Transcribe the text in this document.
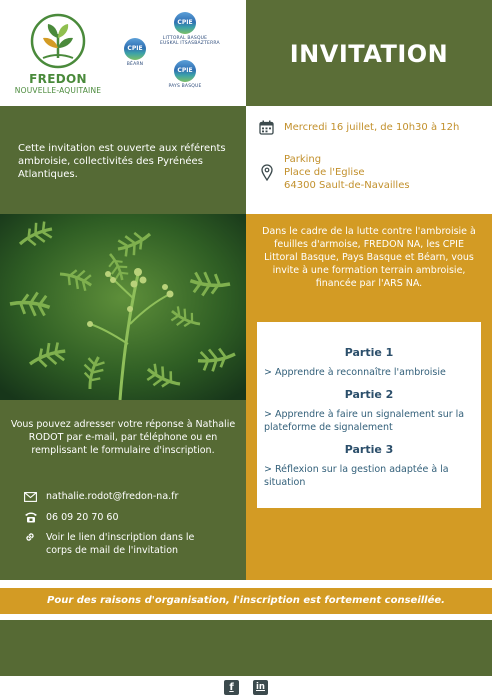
FREDON
NOUVELLE-AQUITAINE
CPIE
BÉARN
CPIE
LITTORAL BASQUE
EUSKAL ITSASBAZTERRA
CPIE
PAYS BASQUE
INVITATION

Cette invitation est ouverte aux référents ambroisie, collectivités des Pyrénées Atlantiques.

Mercredi 16 juillet, de 10h30 à 12h
Parking
Place de l'Eglise
64300 Sault-de-Navailles

Dans le cadre de la lutte contre l'ambroisie à feuilles d'armoise, FREDON NA, les CPIE Littoral Basque, Pays Basque et Béarn, vous invite à une formation terrain ambroisie, financée par l'ARS NA.

Partie 1
> Apprendre à reconnaître l'ambroisie
Partie 2
> Apprendre à faire un signalement sur la plateforme de signalement
Partie 3
> Réflexion sur la gestion adaptée à la situation
Vous pouvez adresser votre réponse à Nathalie RODOT par e-mail, par téléphone ou en remplissant le formulaire d'inscription.
nathalie.rodot@fredon-na.fr
06 09 20 70 60
Voir le lien d'inscription dans le corps de mail de l'invitation
Pour des raisons d'organisation, l'inscription est fortement conseillée.
f	in
